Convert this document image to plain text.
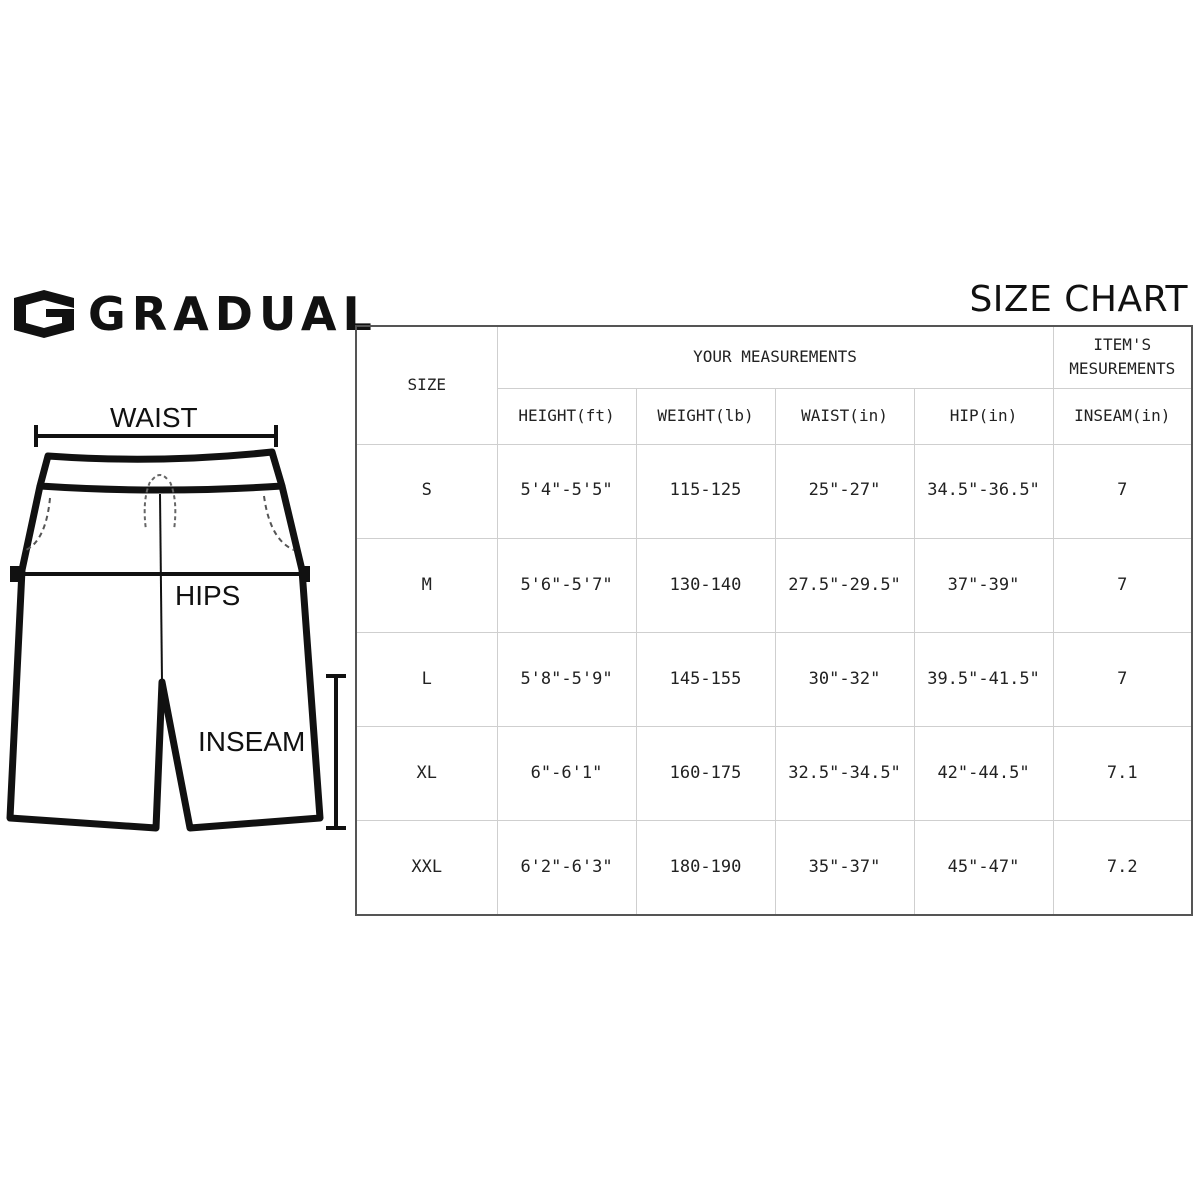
GRADUAL	SIZE CHART
WAIST
HIPS
INSEAM
SIZE	YOUR MEASUREMENTS				ITEM'S MESUREMENTS
	HEIGHT(ft)	WEIGHT(lb)	WAIST(in)	HIP(in)	INSEAM(in)
S	5'4"-5'5"	115-125	25"-27"	34.5"-36.5"	7
M	5'6"-5'7"	130-140	27.5"-29.5"	37"-39"	7
L	5'8"-5'9"	145-155	30"-32"	39.5"-41.5"	7
XL	6"-6'1"	160-175	32.5"-34.5"	42"-44.5"	7.1
XXL	6'2"-6'3"	180-190	35"-37"	45"-47"	7.2
